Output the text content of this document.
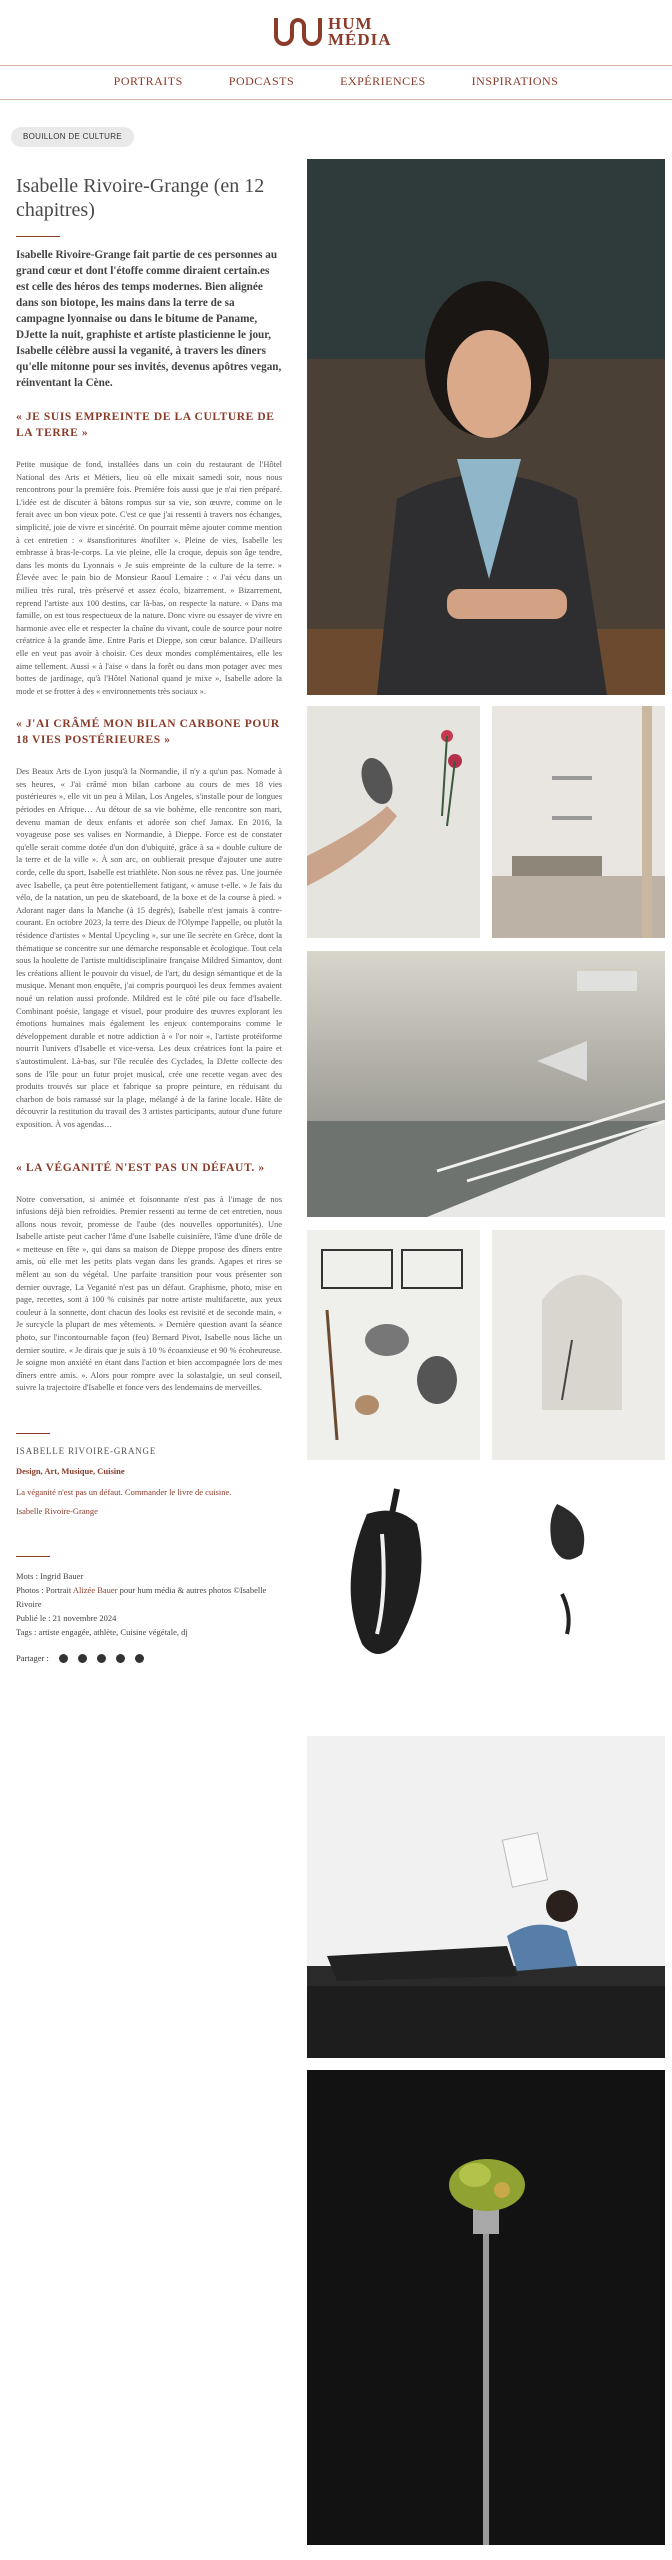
HUM
MÉDIA
PORTRAITS	PODCASTS	EXPÉRIENCES	INSPIRATIONS
BOUILLON DE CULTURE
Isabelle Rivoire-Grange (en 12 chapitres)

Isabelle Rivoire-Grange fait partie de ces personnes au grand cœur et dont l'étoffe comme diraient certain.es est celle des héros des temps modernes. Bien alignée dans son biotope, les mains dans la terre de sa campagne lyonnaise ou dans le bitume de Paname, DJette la nuit, graphiste et artiste plasticienne le jour, Isabelle célèbre aussi la veganité, à travers les dîners qu'elle mitonne pour ses invités, devenus apôtres vegan, réinventant la Cène.

« JE SUIS EMPREINTE DE LA CULTURE DE LA TERRE »

Petite musique de fond, installées dans un coin du restaurant de l'Hôtel National des Arts et Métiers, lieu où elle mixait samedi soir, nous nous rencontrons pour la première fois. Première fois aussi que je n'ai rien préparé. L'idée est de discuter à bâtons rompus sur sa vie, son œuvre, comme on le ferait avec un bon vieux pote. C'est ce que j'ai ressenti à travers nos échanges, simplicité, joie de vivre et sincérité. On pourrait même ajouter comme mention à cet entretien : « #sansfioritures #nofilter ». Pleine de vies, Isabelle les embrasse à bras-le-corps. La vie pleine, elle la croque, depuis son âge tendre, dans les monts du Lyonnais « Je suis empreinte de la culture de la terre. » Élevée avec le pain bio de Monsieur Raoul Lemaire : « J'ai vécu dans un milieu très rural, très préservé et assez écolo, bizarrement. » Bizarrement, reprend l'artiste aux 100 destins, car là-bas, on respecte la nature. « Dans ma famille, on est tous respectueux de la nature. Donc vivre ou essayer de vivre en harmonie avec elle et respecter la chaîne du vivant, coule de source pour notre créatrice à la grande âme. Entre Paris et Dieppe, son cœur balance. D'ailleurs elle en veut pas avoir à choisir. Ces deux mondes complémentaires, elle les aime tellement. Aussi « à l'aise « dans la forêt ou dans mon potager avec mes bottes de jardinage, qu'à l'Hôtel National quand je mixe », Isabelle adore la mode et se frotter à des « environnements très sociaux ».

« J'AI CRÂMÉ MON BILAN CARBONE POUR 18 VIES POSTÉRIEURES »

Des Beaux Arts de Lyon jusqu'à la Normandie, il n'y a qu'un pas. Nomade à ses heures, « J'ai crâmé mon bilan carbone au cours de mes 18 vies postérieures », elle vit un peu à Milan, Los Angeles, s'installe pour de longues périodes en Afrique… Au détour de sa vie bohème, elle rencontre son mari, devenu maman de deux enfants et adorée son chef Jamax. En 2016, la voyageuse pose ses valises en Normandie, à Dieppe. Force est de constater qu'elle serait comme dotée d'un don d'ubiquité, grâce à sa « double culture de la terre et de la ville ». À son arc, on oublierait presque d'ajouter une autre corde, celle du sport, Isabelle est triathlète. Non sous ne rêvez pas. Une journée avec Isabelle, ça peut être potentiellement fatigant, « amuse t-elle. » Je fais du vélo, de la natation, un peu de skateboard, de la boxe et de la course à pied. » Adorant nager dans la Manche (à 15 degrés), Isabelle n'est jamais à contre-courant. En octobre 2023, la terre des Dieux de l'Olympe l'appelle, ou plutôt la résidence d'artistes « Mental Upcycling », sur une île secrète en Grèce, dont la thématique se concentre sur une démarche responsable et écologique. Tout cela sous la houlette de l'artiste multidisciplinaire française Mildred Simantov, dont les créations allient le pouvoir du visuel, de l'art, du design sémantique et de la musique. Menant mon enquête, j'ai compris pourquoi les deux femmes avaient noué un relation aussi profonde. Mildred est le côté pile ou face d'Isabelle. Combinant poésie, langage et visuel, pour produire des œuvres explorant les émotions humaines mais également les enjeux contemporains comme le développement durable et notre addiction à « l'or noir », l'artiste protéiforme nourrit l'univers d'Isabelle et vice-versa. Les deux créatrices font la paire et s'autostimulent. Là-bas, sur l'île reculée des Cyclades, la DJette collecte des sons de l'île pour un futur projet musical, crée une recette vegan avec des produits trouvés sur place et fabrique sa propre peinture, en réduisant du charbon de bois ramassé sur la plage, mélangé à de la farine locale. Hâte de découvrir la restitution du travail des 3 artistes participants, autour d'une future exposition. À vos agendas…

« LA VÉGANITÉ N'EST PAS UN DÉFAUT. »

Notre conversation, si animée et foisonnante n'est pas à l'image de nos infusions déjà bien refroidies. Premier ressenti au terme de cet entretien, nous allons nous revoir, promesse de l'aube (des nouvelles opportunités). Une Isabelle artiste peut cacher l'âme d'une Isabelle cuisinière, l'âme d'une drôle de « metteuse en fête », qui dans sa maison de Dieppe propose des dîners entre amis, où elle met les petits plats vegan dans les grands. Agapes et rires se mêlent au son du végétal. Une parfaite transition pour vous présenter son dernier ouvrage, La Veganité n'est pas un défaut. Graphisme, photo, mise en page, recettes, sont à 100 % cuisinés par notre artiste multifacette, aux yeux couleur à la sonnette, dont chacun des looks est revisité et de seconde main, « Je surcycle la plupart de mes vêtements. » Dernière question avant la séance photo, sur l'incontournable façon (feu) Bernard Pivot, Isabelle nous lâche un dernier soutire. « Je dirais que je suis à 10 % écoanxieuse et 90 % écoheureuse. Je soigne mon anxiété en étant dans l'action et bien accompagnée lors de mes dîners entre amis. ». Alors pour rompre avec la solastalgie, un seul conseil, suivre la trajectoire d'Isabelle et fonce vers des lendemains de merveilles.

ISABELLE RIVOIRE-GRANGE
Design, Art, Musique, Cuisine
La véganité n'est pas un défaut. Commander le livre de cuisine.
Isabelle Rivoire-Grange
Mots : Ingrid Bauer
Photos : Portrait Alizée Bauer pour hum média & autres photos ©Isabelle Rivoire
Publié le : 21 novembre 2024
Tags : artiste engagée, athlète, Cuisine végétale, dj
Partager :
